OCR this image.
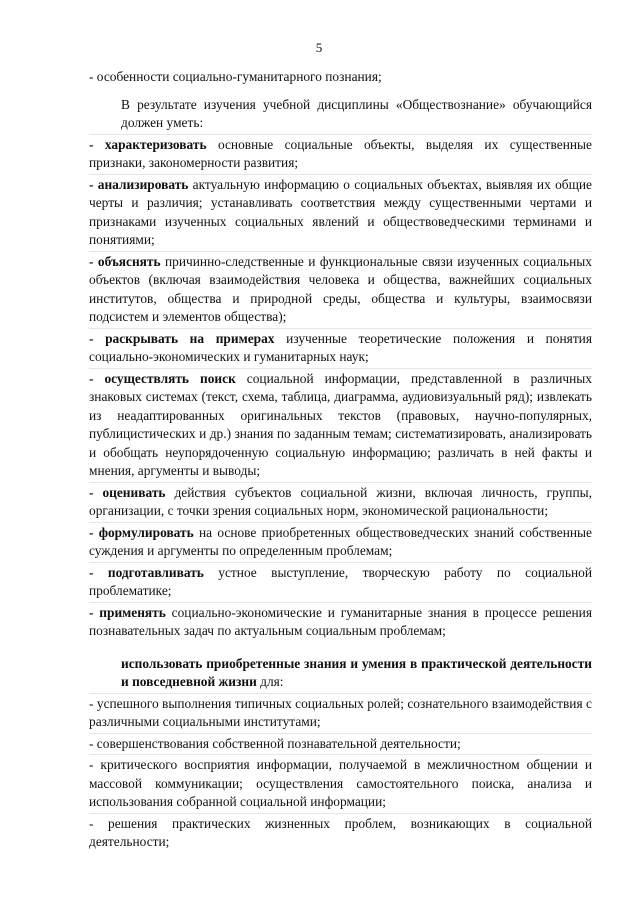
5

- особенности социально-гуманитарного познания;

В результате изучения учебной дисциплины «Обществознание» обучающийся должен уметь:

- характеризовать основные социальные объекты, выделяя их существенные признаки, закономерности развития;

- анализировать актуальную информацию о социальных объектах, выявляя их общие черты и различия; устанавливать соответствия между существенными чертами и признаками изученных социальных явлений и обществоведческими терминами и понятиями;

- объяснять причинно-следственные и функциональные связи изученных социальных объектов (включая взаимодействия человека и общества, важнейших социальных институтов, общества и природной среды, общества и культуры, взаимосвязи подсистем и элементов общества);

- раскрывать на примерах изученные теоретические положения и понятия социально-экономических и гуманитарных наук;

- осуществлять поиск социальной информации, представленной в различных знаковых системах (текст, схема, таблица, диаграмма, аудиовизуальный ряд); извлекать из неадаптированных оригинальных текстов (правовых, научно-популярных, публицистических и др.) знания по заданным темам; систематизировать, анализировать и обобщать неупорядоченную социальную информацию; различать в ней факты и мнения, аргументы и выводы;

- оценивать действия субъектов социальной жизни, включая личность, группы, организации, с точки зрения социальных норм, экономической рациональности;

- формулировать на основе приобретенных обществоведческих знаний собственные суждения и аргументы по определенным проблемам;

- подготавливать устное выступление, творческую работу по социальной проблематике;

- применять социально-экономические и гуманитарные знания в процессе решения познавательных задач по актуальным социальным проблемам;

использовать приобретенные знания и умения в практической деятельности и повседневной жизни для:

- успешного выполнения типичных социальных ролей; сознательного взаимодействия с различными социальными институтами;

- совершенствования собственной познавательной деятельности;

- критического восприятия информации, получаемой в межличностном общении и массовой коммуникации; осуществления самостоятельного поиска, анализа и использования собранной социальной информации;

- решения практических жизненных проблем, возникающих в социальной деятельности;
